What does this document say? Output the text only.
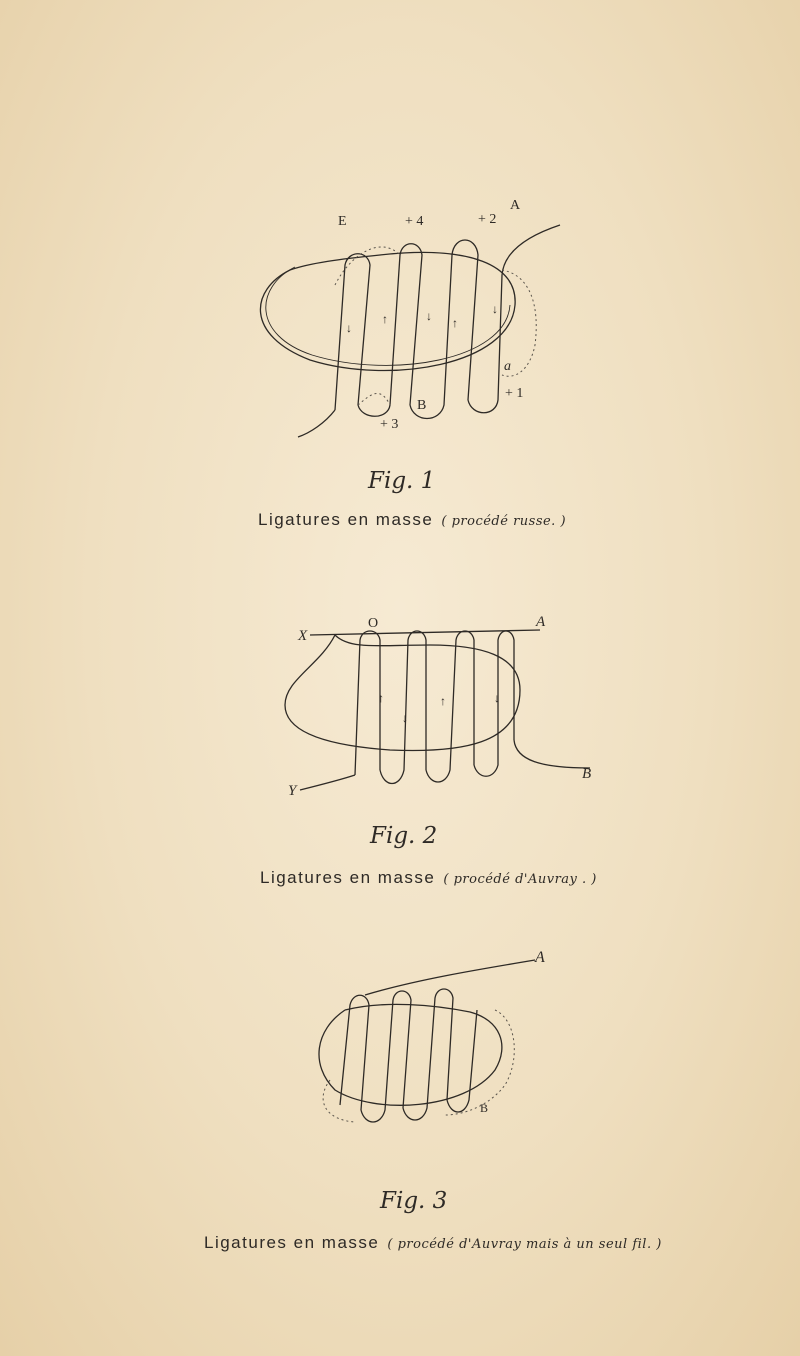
↓
↑	↓ ↑
↓
E	+ 4	+ 2
A
a
+ 1
+ 3
B
Fig. 1
Ligatures en masse ( procédé russe. )
↑
↓
↑	↓
X
O	A
Y
B
Fig. 2
Ligatures en masse ( procédé d'Auvray . )
A
B
Fig. 3
Ligatures en masse ( procédé d'Auvray mais à un seul fil. )
